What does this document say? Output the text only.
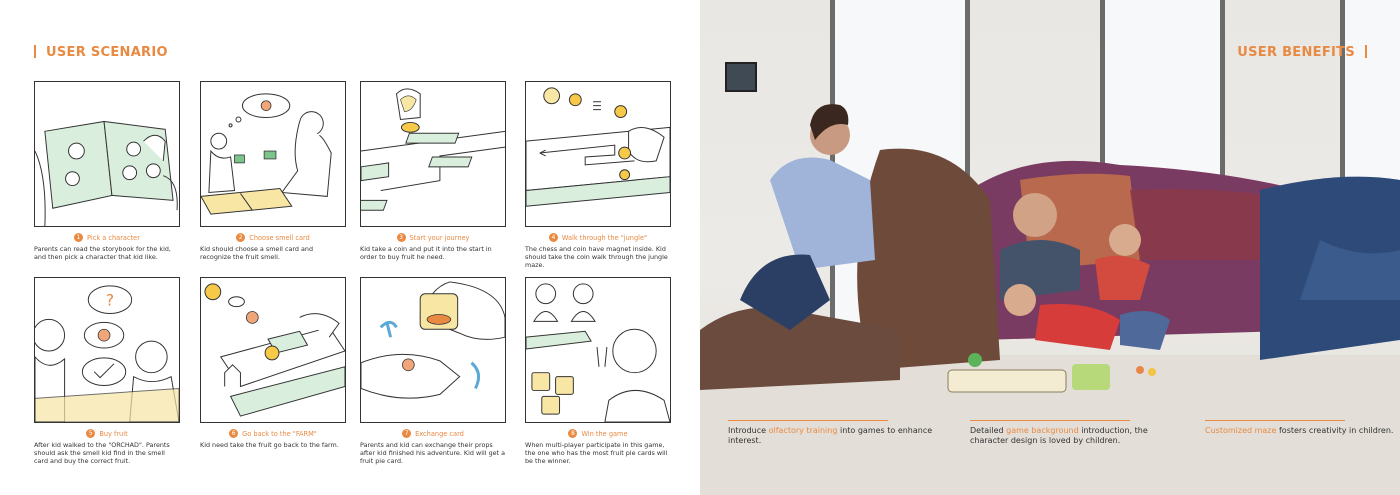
USER SCENARIO
?
1 Pick a character
Parents can read the storybook for the kid, and then pick a character that kid like.
2 Choose smell card
Kid should choose a smell card and recognize the fruit smell.
3 Start your journey
Kid take a coin and put it into the start in order to buy fruit he need.
4 Walk through the "jungle"
The chess and coin have magnet inside. Kid should take the coin walk through the jungle maze.
5 Buy fruit
After kid walked to the "ORCHAD". Parents should ask the smell kid find in the smell card and buy the correct fruit.
6 Go back to the "FARM"
Kid need take the fruit go back to the farm.
7 Exchange card
Parents and kid can exchange their props after kid finished his adventure. Kid will get a fruit pie card.
8 Win the game
When multi-player participate in this game, the one who has the most fruit pie cards will be the winner.
USER BENEFITS
Introduce olfactory training into games to enhance interest.
Detailed game background introduction, the character design is loved by children.
Customized maze fosters creativity in children.
